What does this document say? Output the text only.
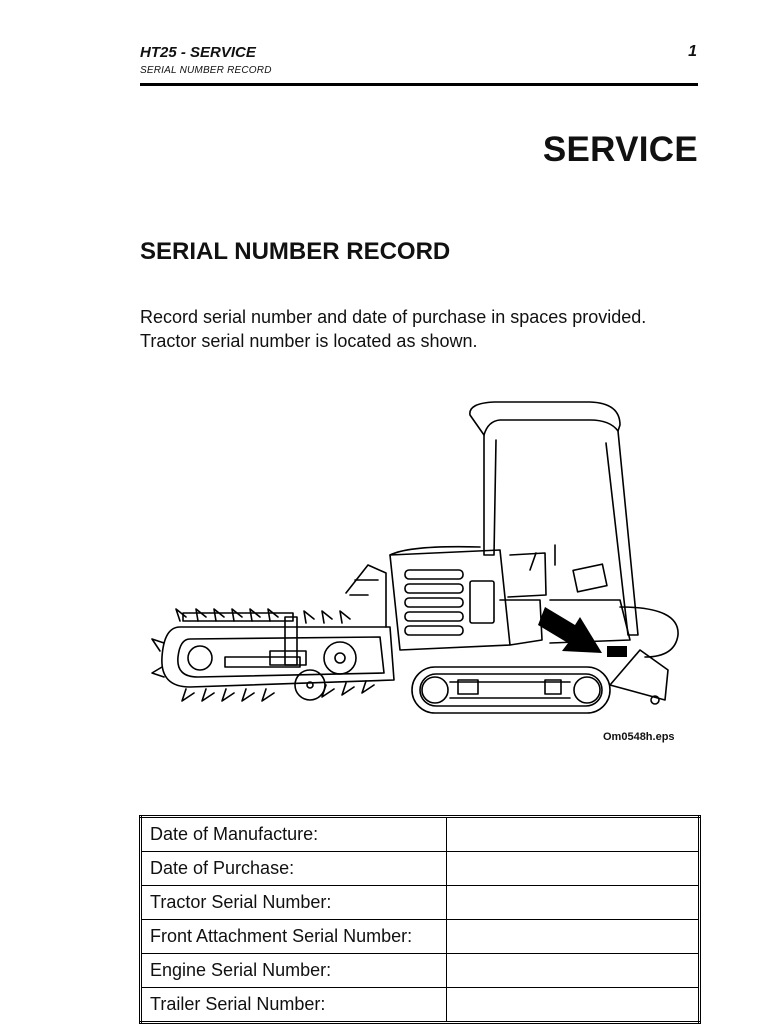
HT25 - SERVICE
SERIAL NUMBER RECORD
1
SERVICE
SERIAL NUMBER RECORD

Record serial number and date of purchase in spaces provided.

Tractor serial number is located as shown.

Om0548h.eps
Date of Manufacture:	
Date of Purchase:	
Tractor Serial Number:	
Front Attachment Serial Number:	
Engine Serial Number:	
Trailer Serial Number:	
